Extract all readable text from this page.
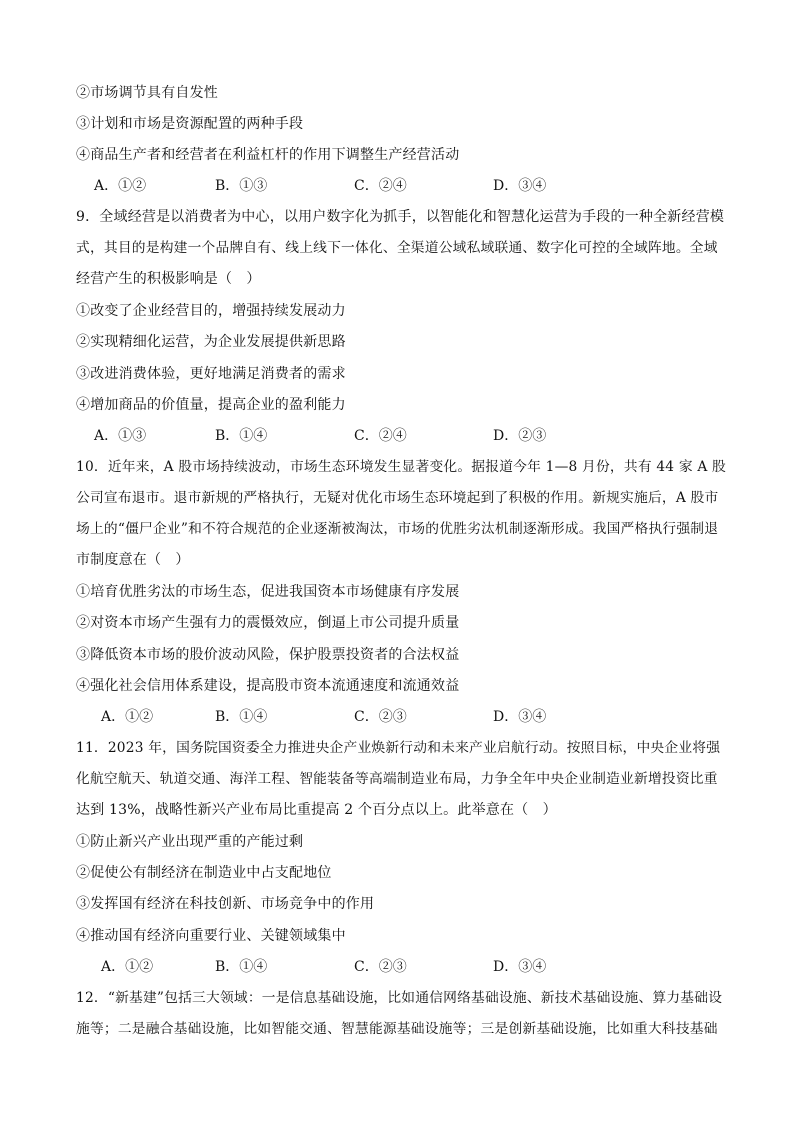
②市场调节具有自发性
③计划和市场是资源配置的两种手段
④商品生产者和经营者在利益杠杆的作用下调整生产经营活动
A．①②	B．①③	C．②④	D．③④
9．全域经营是以消费者为中心，以用户数字化为抓手，以智能化和智慧化运营为手段的一种全新经营模
式，其目的是构建一个品牌自有、线上线下一体化、全渠道公域私域联通、数字化可控的全域阵地。全域
经营产生的积极影响是（　）
①改变了企业经营目的，增强持续发展动力
②实现精细化运营，为企业发展提供新思路
③改进消费体验，更好地满足消费者的需求
④增加商品的价值量，提高企业的盈利能力
A．①③	B．①④	C．②④	D．②③
10．近年来，A 股市场持续波动，市场生态环境发生显著变化。据报道今年 1—8 月份，共有 44 家 A 股
公司宣布退市。退市新规的严格执行，无疑对优化市场生态环境起到了积极的作用。新规实施后，A 股市
场上的“僵尸企业”和不符合规范的企业逐渐被淘汰，市场的优胜劣汰机制逐渐形成。我国严格执行强制退
市制度意在（　）
①培育优胜劣汰的市场生态，促进我国资本市场健康有序发展
②对资本市场产生强有力的震慑效应，倒逼上市公司提升质量
③降低资本市场的股价波动风险，保护股票投资者的合法权益
④强化社会信用体系建设，提高股市资本流通速度和流通效益
A．①②	B．①④	C．②③	D．③④
11．2023 年，国务院国资委全力推进央企产业焕新行动和未来产业启航行动。按照目标，中央企业将强
化航空航天、轨道交通、海洋工程、智能装备等高端制造业布局，力争全年中央企业制造业新增投资比重
达到 13%，战略性新兴产业布局比重提高 2 个百分点以上。此举意在（　）
①防止新兴产业出现严重的产能过剩
②促使公有制经济在制造业中占支配地位
③发挥国有经济在科技创新、市场竞争中的作用
④推动国有经济向重要行业、关键领域集中
A．①②	B．①④	C．②③	D．③④
12．“新基建”包括三大领域：一是信息基础设施，比如通信网络基础设施、新技术基础设施、算力基础设
施等；二是融合基础设施，比如智能交通、智慧能源基础设施等；三是创新基础设施，比如重大科技基础
